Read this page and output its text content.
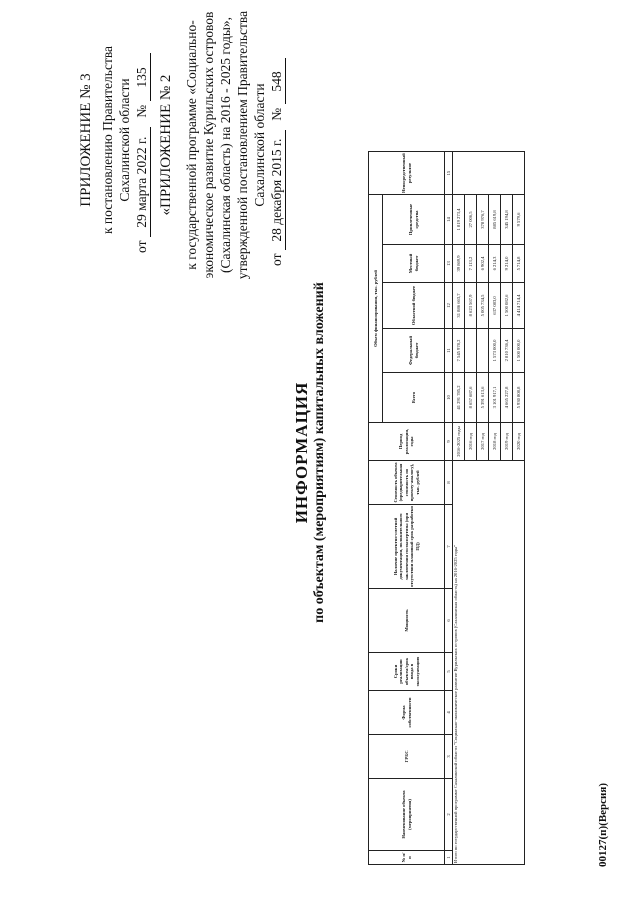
ПРИЛОЖЕНИЕ № 3 к постановлению Правительства Сахалинской области
от 29 марта 2022 г. № 135 «ПРИЛОЖЕНИЕ № 2 к государственной программе «Социально- экономическое развитие Курильских островов (Сахалинская область) на 2016 - 2025 годы», утвержденной постановлением Правительства Сахалинской области
от 28 декабря 2015 г. № 548
ИНФОРМАЦИЯ по объектам (мероприятиям) капитальных вложений
№ п/п	Наименование объекта (мероприятия)	ГРБС	Форма собственности	Сроки реализации объекта/срок ввода в эксплуатацию	Мощность	Наличие проектно-сметной документации, положительного заключения госэкспертизы (при отсутствии плановый срок разработки ПД)	Стоимость объекта (предварительная стоимость по проекту-аналогу), тыс. рублей	Период реализации, годы	Объем финансирования, тыс. рублей					Непосредственный результат
									Всего	Федеральный бюджет	Областной бюджет	Местный бюджет	Привлеченные средства	
1	2	3	4	5	6	7	8	9	10	11	12	13	14	15
Итого по государственной программе Сахалинской области "Социально-экономическое развитие Курильских островов (Сахалинская область) на 2016-2025 годы"								2016-2025 годы	41 291 785,2	7 545 978,2	31 886 663,7	39 869,9	1 819 273,4	
								2016 год	8 657 687,6		8 623 567,9	7 113,2	27 006,5	
								2017 год	5 391 613,6		5 005 734,5	6 902,4	378 976,7	
								2018 год	3 101 917,1	1 573 000,0	637 083,0	6 214,3	885 619,8	
								2019 год	4 665 227,8	2 810 736,4	1 500 082,6	9 214,0	345 194,8	
								2020 год	5 930 808,8	1 500 000,0	4 414 714,4	5 714,8	9 579,6	
00127(п)(Версия)
